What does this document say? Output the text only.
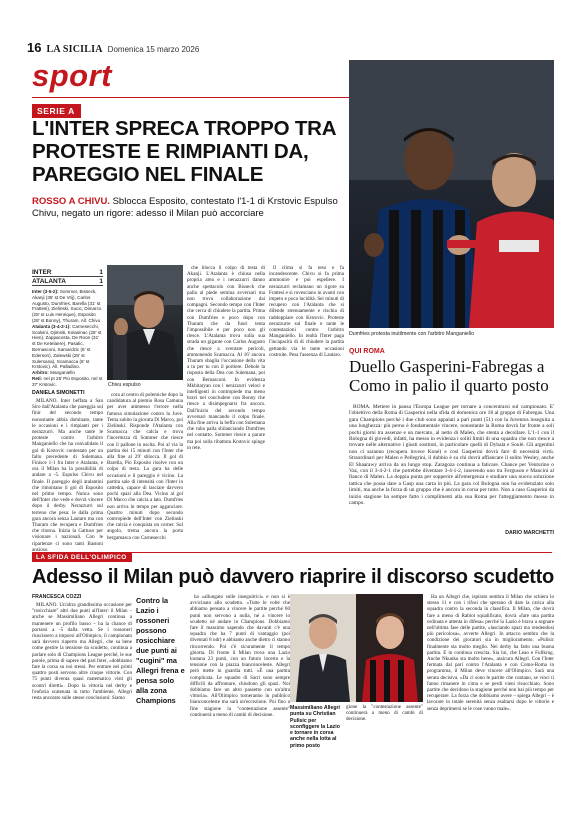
16 LA SICILIA Domenica 15 marzo 2026
sport
SERIE A
L'INTER SPRECA TROPPO TRA PROTESTE E RIMPIANTI DA, PAREGGIO NEL FINALE
ROSSO A CHIVU. Sblocca Esposito, contestato l'1-1 di Krstovic Espulso Chivu, negato un rigore: adesso il Milan può accorciare
INTER	1
ATALANTA	1
Inter (3-5-2): Sommer, Bisseck, Akanji (35' st De Vrij), Carlos Augusto, Dumfries, Barella (31' st Frattesi), Zielinski, Sucic, Dimarco (28' st Luis Henrique), Esposito (28' st Bonny), Thuram. All. Chivu
Atalanta (3-4-2-1): Carnesecchi, Scalvini, Djimsiti, Kolasinac (28' st Hien), Zappacosta, De Roon (31' st De Ketelaere), Pasalic, Bernasconi, Samardzic (6' st Ederson), Zalewski (28' st Sulemana), Scamacca (6' st Krstovic). All. Palladino.
Arbitro: Manganiello
Reti: nel pt 26' Pio Esposito, nel st 37' Krstovic.
DANIELA SIMONETTI

MILANO. Inter beffata a San Siro dall'Atalanta che pareggia sul finir del secondo tempo nonostante abbia dominato, tante le occasioni e i rimpianti per i nerazzurri. Ma anche tante le proteste contro l'arbitro Manganiello che ha convalidato il gol di Krstovic contestato per un fallo precedente di Sulemana. Finisce 1-1 fra Inter e Atalanta, e ora il Milan ha la possibilità di andare a -5. Espulso Chivu nel finale. Il pareggio degli atalantini che rimontano il gol di Esposito nel primo tempo. Nunca sono dell'Inter che vede e dovrà vincere dopo il derby. Nerazzurri sul terreno che pesa: le dalla prima gara ancora senza Lautaro ma con Thuram che recupera e Dumfries che ritorna. Inizia la Gattuso per visionare i nazionali. Con le ripartenze ci sono tanti Bastoni ansioso.

Chivu espulso

cora al centro di polemiche dopo la candidatura al premio Rosa Camuna per aver ammesso l'errore nella famosa simulazione contro la Juve. Tema subito la giocata Di Marco, poi Zielinski. Risponde l'Atalanta con Scamacca che calcia e trova l'incertezza di Sommer che riesce con il pallone in uscita. Poi al via la partita dei 15 minuti con l'Inter che alla fine al 29' sblocca. Il gol di Barella, Pio Esposito risolve con un colpo di testa. La gara ha delle occasioni e il pareggio è vicino. La partita sale di intensità con l'Inter in cattedra, capace di lasciare davvero pochi spazi alla Dea. Vicino al gol Di Marco che calcia a lato. Dumfries non arriva in tempo per agganciare. Quattro minuti dopo secondo contropiede dell'Inter con Zielinski che calcia e conquista un corner. Sul angolo, trema ancora la porta bergamasca con Carnesecchi

che blocca il colpo di testa di Akanji. L'Atalanta è chiusa nella propria area e i nerazzurri danno anche spettacolo con Bisseck che palla al piede semina avversari ma non trova collaborazione dai compagni. Secondo tempo con l'Inter che cerca di chiudere la partita. Prima con Dumfries e poco dopo con Thuram che da fuori tenta l'impossibile e per poco non gli riesce. L'Atalanta trova sulla sua strada un gigante con Carlos Augusto che riesce a sventare pericoli, ammonendo Scamacca. Al 16' ancora Thuram sbaglia l'occasione della vita a tu per tu con il portiere. Debole la risposta della Dea con Sulemana, poi con Bernasconi. In evidenza Mkhitaryan con i nerazzurri veloci e intelligenti in contropiede ma meno bravi nel concludere con Bonny che riesce a disimpegnarsi fra ancora. Dall'inizio del secondo tempo avversari mancando il colpo finale. Alla fine arriva la beffa con Sulemana che ruba palla sbilanciando Dumfries nel contatto. Sommer riesce a parare ma poi sulla ribattuta Krstovic spinge in rete.

Il clima si fa teso e fa incandescente. Chivu si fa prima ammonire e poi espellere. I nerazzurri reclamano un rigore su Frattesi e si rovesciano in avanti con impeto e poca lucidità. Sei minuti di recupero con l'Atalanta che si difende strenuamente e rischia di raddoppiare con Krstovic. Proteste nerazzurre sul finale e tante le contestazioni contro l'arbitro Manganiello. In realtà l'Inter paga l'incapacità di di chiudere la partita gettando via le tante occasioni costruite. Pesa l'assenza di Lautaro.

Dumfries protesta inutilmente con l'arbitro Manganiello
QUI ROMA
Duello Gasperini-Fabregas a Como in palio il quarto posto

ROMA. Mettere in pausa l'Europa League per tornare a concentrarsi sul campionato. E' l'obiettivo della Roma di Gasperini nella sfida di domenica ore 18 al gruppo di Fabregas. Una gara Champions perché i due club sono appaiati a pari punti (51) con la Juventus inseguita a una lunghezza: più perno è fondamentale vincere, nonostante la Roma dovrà far fronte a soli pochi giorni tra assenze e un mercato, al netto di Malen, che stenta a decollare. L'1-1 con il Bologna di giovedì, infatti, ha messo in evidenza i soliti limiti di una squadra che non riesce a trovare nelle alternative i giusti sostituti, in particolare quelli di Dybala e Soulé. Gli argentini non ci saranno (recupera invece Koné) e così Gasperini dovrà fare di necessità virtù. Straordinari per Malen e Pellegrini, il dubbio è su chi dovrà affiancare il solito Wesley, anche El Shaarawy arriva da un lungo stop. Zaragoza continua a faticare. Chance per Venturino o Vaz, con il 3-4-2-1 che potrebbe diventare 3-4-1-2, inserendo uno tra Ferguson e Mancini al fianco di Malen. La doppia punta per sopperire all'emergenza e studiare una nuova soluzione tattica che possa dare a Gasp una carta in più. La gara col Bologna non ha evidenziato solo limiti, ma anche la forza di un gruppo che è ancora in corsa per tutto. Non a caso Gasperini da inizio stagione ha sempre fatto i complimenti alla sua Roma per l'atteggiamento messo in campo.

DARIO MARCHETTI
LA SFIDA DELL'OLIMPICO
Adesso il Milan può davvero riaprire il discorso scudetto
FRANCESCA COZZI

MILANO. Un'altra grandissima occasione per "rosicchiare" altri due punti all'Inter: il Milan – anche se Massimiliano Allegri continua a mantenere un profilo basso – ha la chance di portarsi a -5 dalla vetta. Se i rossoneri riuscissero a imporsi all'Olimpico, il campionato sarà davvero riaperto ma Allegri, che sa bene come gestire la tensione da scudetto, continua a parlare solo di Champions League perché, le sue parole, prima di sapere del pari Inter, «dobbiamo fare la corsa su noi stessi. Per entrare nei primi quattro posti servono altre cinque vittorie. Con 75 punti diventa quasi matematico visti gli scontri diretti». Dopo la vittoria nel derby e l'euforia scatenata in tutto l'ambiente, Allegri resta ancorato sulle stesse conclusioni: Siamo

Contro la Lazio i rossoneri possono rosicchiare due punti ai "cugini" ma Allegri frena e pensa solo alla zona Champions

ha «allungato sulle inseguitrici» e non si è avvicinato allo scudetto. «Tutte le volte che abbiamo pensato a vincere le partite perché 60 punti non servono a nulla, né a vincere lo scudetto né andare in Champions. Dobbiamo fare il massimo sapendo che davanti c'è una squadra che ha 7 punti di vantaggio (poi diventati 8 ndr) e abbiamo anche dietro ci stanno rincorrendo. Poi c'è sicuramente il tempo ghiotta. Di fronte il Milan trova una Lazio lontana 23 punti, con un futuro incerto e la tensione con la piazza bianconceleste. Allegri però mette in guardia tutti. «È una partita complicata. Le squadre di Sarri sono sempre difficili da affrontare, chiudono gli spazi. Noi dobbiamo fare un altro passetto con un'altra vittoria». All'Olimpico torneranno in pubblico bianconceleste ma sarà un'eccezione. Poi fino a fine stagione la "contestazione assente" continuerà a meno di cambi di decisione.

Massimiliano Allegri punta su Christian Pulisic per sconfiggere la Lazio e tornare in corsa anche nella lotta al primo posto

gione la "contestazione assente" continuerà a meno di cambi di decisione.

Ha un Allegri che, ispirato sembra il Milan che schiera lo stesso 11 e con i tifosi che sperano di dare la carica alla squadra contro la seconda in classifica. Il Milan, che dovrà fare a meno di Rabiot squalificato, dovrà «fare una partita ordinata e attenta in difesa» perché la Lazio è brava a segnare nell'ultima fase delle partite, «lasciando spazi ma rendendosi più pericolosa», avverte Allegri. In attacco sembra che la condizione dei giocatori sia in miglioramento. «Pulisic finalmente sta molto meglio. Nei derby ha fatto una buona partita. E in continua crescita. Sia lui, che Leao e Fullkrug. Anche Nkunku sta molto bene», assicura Allegri. Con l'Inter fermata dal pari contro l'Atalanta e con Como-Roma in programma, il Milan deve vincere all'Olimpico. Sarà una serata decisiva. «Da ci sono le partite che contano, se vinci ti fanno rimanere in cima e se perdi vieni risucchiato. Sono partite che decidono la stagione perché non hai più tempo per recuperare. La forza che dobbiamo avere – spiega Allegri – è lavorare in totale serenità senza esaltarsi dopo le vittorie e senza deprimersi se le cose vanno male».
